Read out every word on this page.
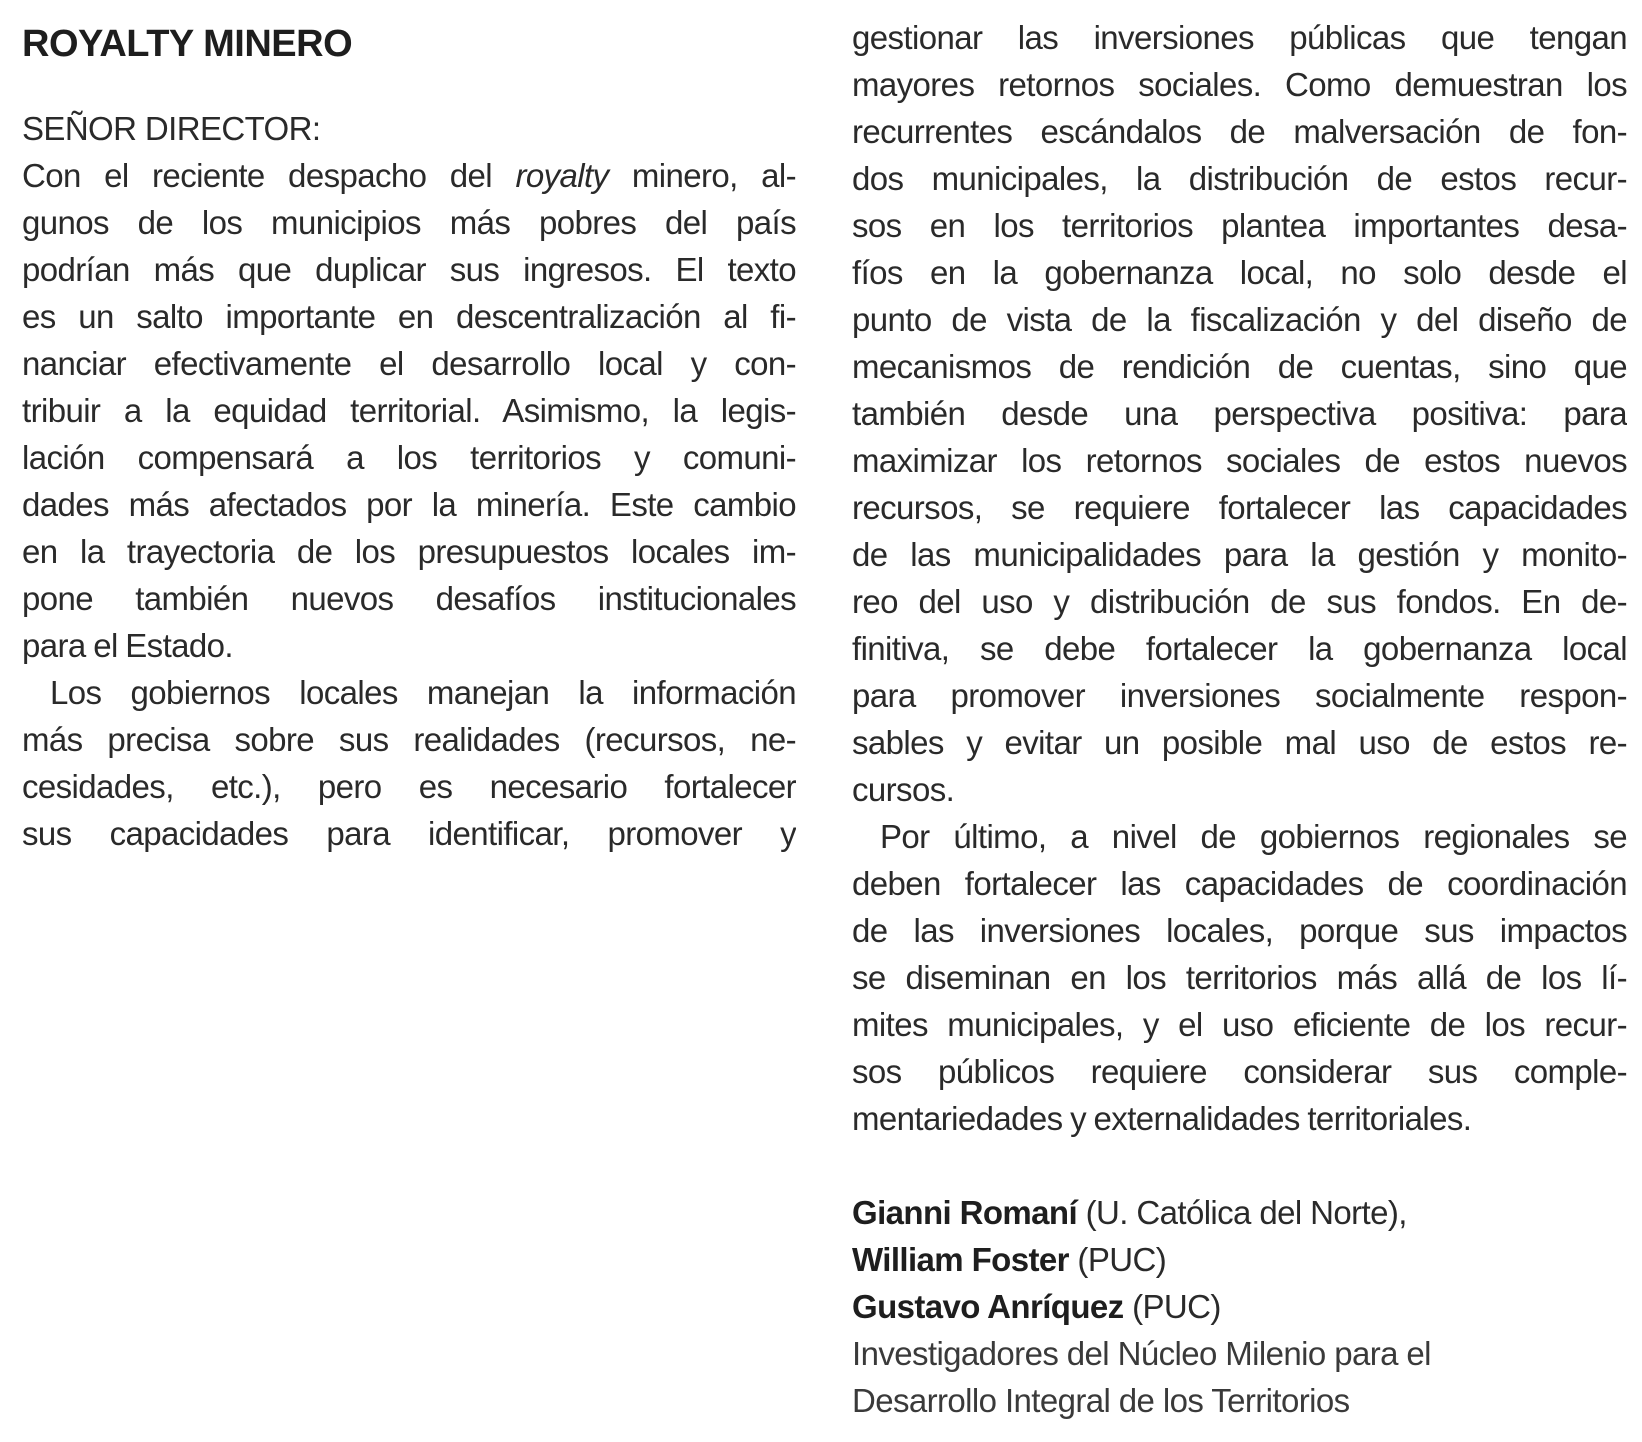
ROYALTY MINERO
SEÑOR DIRECTOR:
Con el reciente despacho del royalty minero, al-
gunos de los municipios más pobres del país
podrían más que duplicar sus ingresos. El texto
es un salto importante en descentralización al fi-
nanciar efectivamente el desarrollo local y con-
tribuir a la equidad territorial. Asimismo, la legis-
lación compensará a los territorios y comuni-
dades más afectados por la minería. Este cambio
en la trayectoria de los presupuestos locales im-
pone también nuevos desafíos institucionales
para el Estado.
Los gobiernos locales manejan la información
más precisa sobre sus realidades (recursos, ne-
cesidades, etc.), pero es necesario fortalecer
sus capacidades para identificar, promover y
gestionar las inversiones públicas que tengan
mayores retornos sociales. Como demuestran los
recurrentes escándalos de malversación de fon-
dos municipales, la distribución de estos recur-
sos en los territorios plantea importantes desa-
fíos en la gobernanza local, no solo desde el
punto de vista de la fiscalización y del diseño de
mecanismos de rendición de cuentas, sino que
también desde una perspectiva positiva: para
maximizar los retornos sociales de estos nuevos
recursos, se requiere fortalecer las capacidades
de las municipalidades para la gestión y monito-
reo del uso y distribución de sus fondos. En de-
finitiva, se debe fortalecer la gobernanza local
para promover inversiones socialmente respon-
sables y evitar un posible mal uso de estos re-
cursos.
Por último, a nivel de gobiernos regionales se
deben fortalecer las capacidades de coordinación
de las inversiones locales, porque sus impactos
se diseminan en los territorios más allá de los lí-
mites municipales, y el uso eficiente de los recur-
sos públicos requiere considerar sus comple-
mentariedades y externalidades territoriales.
Gianni Romaní (U. Católica del Norte),
William Foster (PUC)
Gustavo Anríquez (PUC)
Investigadores del Núcleo Milenio para el
Desarrollo Integral de los Territorios
